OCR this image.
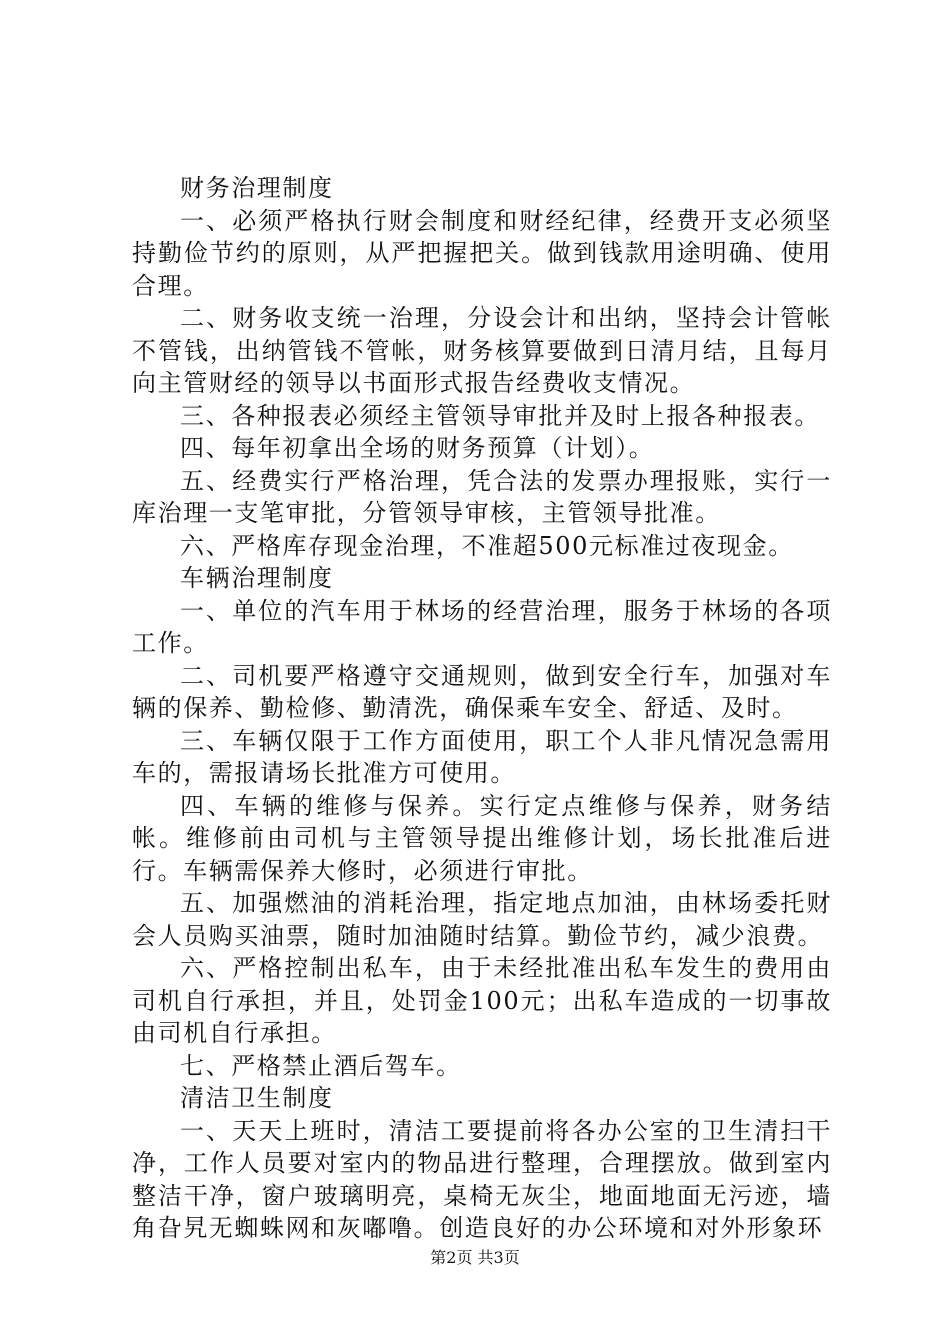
财务治理制度

一、必须严格执行财会制度和财经纪律，经费开支必须坚持勤俭节约的原则，从严把握把关。做到钱款用途明确、使用合理。

二、财务收支统一治理，分设会计和出纳，坚持会计管帐不管钱，出纳管钱不管帐，财务核算要做到日清月结，且每月向主管财经的领导以书面形式报告经费收支情况。

三、各种报表必须经主管领导审批并及时上报各种报表。

四、每年初拿出全场的财务预算（计划）。

五、经费实行严格治理，凭合法的发票办理报账，实行一库治理一支笔审批，分管领导审核，主管领导批准。

六、严格库存现金治理，不准超500元标准过夜现金。

车辆治理制度

一、单位的汽车用于林场的经营治理，服务于林场的各项工作。

二、司机要严格遵守交通规则，做到安全行车，加强对车辆的保养、勤检修、勤清洗，确保乘车安全、舒适、及时。

三、车辆仅限于工作方面使用，职工个人非凡情况急需用车的，需报请场长批准方可使用。

四、车辆的维修与保养。实行定点维修与保养，财务结帐。维修前由司机与主管领导提出维修计划，场长批准后进行。车辆需保养大修时，必须进行审批。

五、加强燃油的消耗治理，指定地点加油，由林场委托财会人员购买油票，随时加油随时结算。勤俭节约，减少浪费。

六、严格控制出私车，由于未经批准出私车发生的费用由司机自行承担，并且，处罚金100元；出私车造成的一切事故由司机自行承担。

七、严格禁止酒后驾车。

清洁卫生制度

一、天天上班时，清洁工要提前将各办公室的卫生清扫干净，工作人员要对室内的物品进行整理，合理摆放。做到室内整洁干净，窗户玻璃明亮，桌椅无灰尘，地面地面无污迹，墙角旮旯无蜘蛛网和灰嘟噜。创造良好的办公环境和对外形象环

第2页 共3页
